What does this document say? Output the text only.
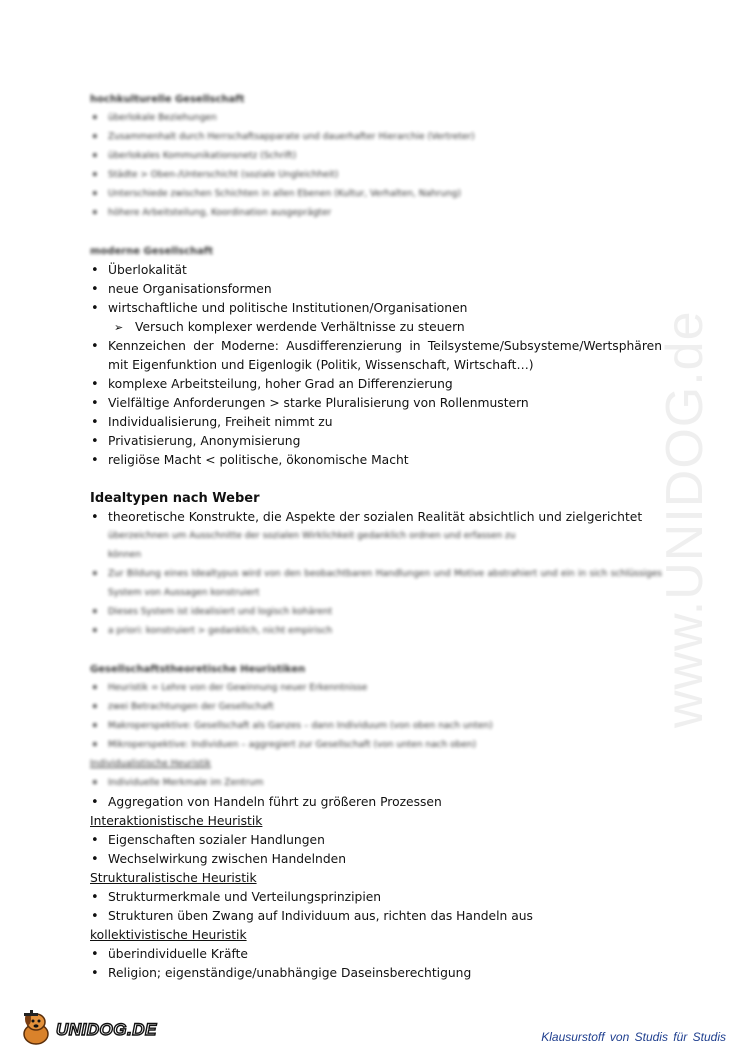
www.UNIDOG.de
hochkulturelle Gesellschaft
• überlokale Beziehungen
• Zusammenhalt durch Herrschaftsapparate und dauerhafter Hierarchie (Vertreter)
• überlokales Kommunikationsnetz (Schrift)
• Städte > Oben-/Unterschicht (soziale Ungleichheit)
• Unterschiede zwischen Schichten in allen Ebenen (Kultur, Verhalten, Nahrung)
• höhere Arbeitsteilung, Koordination ausgeprägter
moderne Gesellschaft
• Überlokalität
• neue Organisationsformen
• wirtschaftliche und politische Institutionen/Organisationen
➢ Versuch komplexer werdende Verhältnisse zu steuern
• Kennzeichen der Moderne: Ausdifferenzierung in Teilsysteme/Subsysteme/Wertsphären mit Eigenfunktion und Eigenlogik (Politik, Wissenschaft, Wirtschaft…)
• komplexe Arbeitsteilung, hoher Grad an Differenzierung
• Vielfältige Anforderungen > starke Pluralisierung von Rollenmustern
• Individualisierung, Freiheit nimmt zu
• Privatisierung, Anonymisierung
• religiöse Macht < politische, ökonomische Macht
Idealtypen nach Weber
• theoretische Konstrukte, die Aspekte der sozialen Realität absichtlich und zielgerichtet
überzeichnen um Ausschnitte der sozialen Wirklichkeit gedanklich ordnen und erfassen zu
können
• Zur Bildung eines Idealtypus wird von den beobachtbaren Handlungen und Motive abstrahiert und ein in sich schlüssiges System von Aussagen konstruiert
• Dieses System ist idealisiert und logisch kohärent
• a priori: konstruiert > gedanklich, nicht empirisch
Gesellschaftstheoretische Heuristiken
• Heuristik = Lehre von der Gewinnung neuer Erkenntnisse
• zwei Betrachtungen der Gesellschaft
• Makroperspektive: Gesellschaft als Ganzes – dann Individuum (von oben nach unten)
• Mikroperspektive: Individuen – aggregiert zur Gesellschaft (von unten nach oben)
Individualistische Heuristik
• Individuelle Merkmale im Zentrum
• Aggregation von Handeln führt zu größeren Prozessen
Interaktionistische Heuristik
• Eigenschaften sozialer Handlungen
• Wechselwirkung zwischen Handelnden
Strukturalistische Heuristik
• Strukturmerkmale und Verteilungsprinzipien
• Strukturen üben Zwang auf Individuum aus, richten das Handeln aus
kollektivistische Heuristik
• überindividuelle Kräfte
• Religion; eigenständige/unabhängige Daseinsberechtigung
UNIDOG.DE	Klausurstoff von Studis für Studis
